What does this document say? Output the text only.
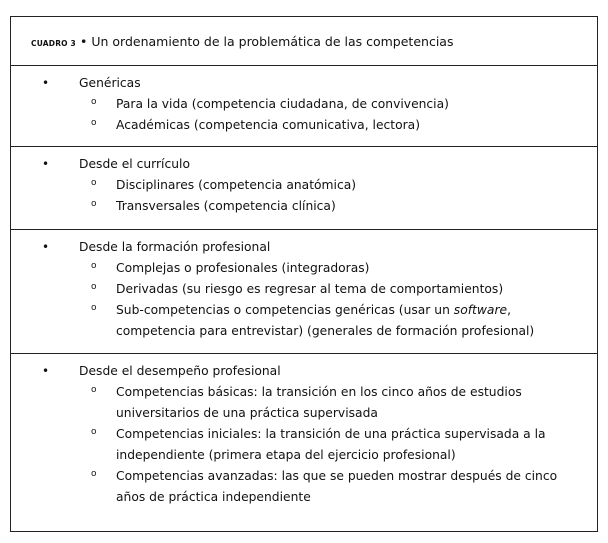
CUADRO 3 • Un ordenamiento de la problemática de las competencias
• Genéricas
o Para la vida (competencia ciudadana, de convivencia)
o Académicas (competencia comunicativa, lectora)
• Desde el currículo
o Disciplinares (competencia anatómica)
o Transversales (competencia clínica)
• Desde la formación profesional
o Complejas o profesionales (integradoras)
o Derivadas (su riesgo es regresar al tema de comportamientos)
o Sub-competencias o competencias genéricas (usar un software, competencia para entrevistar) (generales de formación profesional)
• Desde el desempeño profesional
o Competencias básicas: la transición en los cinco años de estudios universitarios de una práctica supervisada
o Competencias iniciales: la transición de una práctica supervisada a la independiente (primera etapa del ejercicio profesional)
o Competencias avanzadas: las que se pueden mostrar después de cinco años de práctica independiente
